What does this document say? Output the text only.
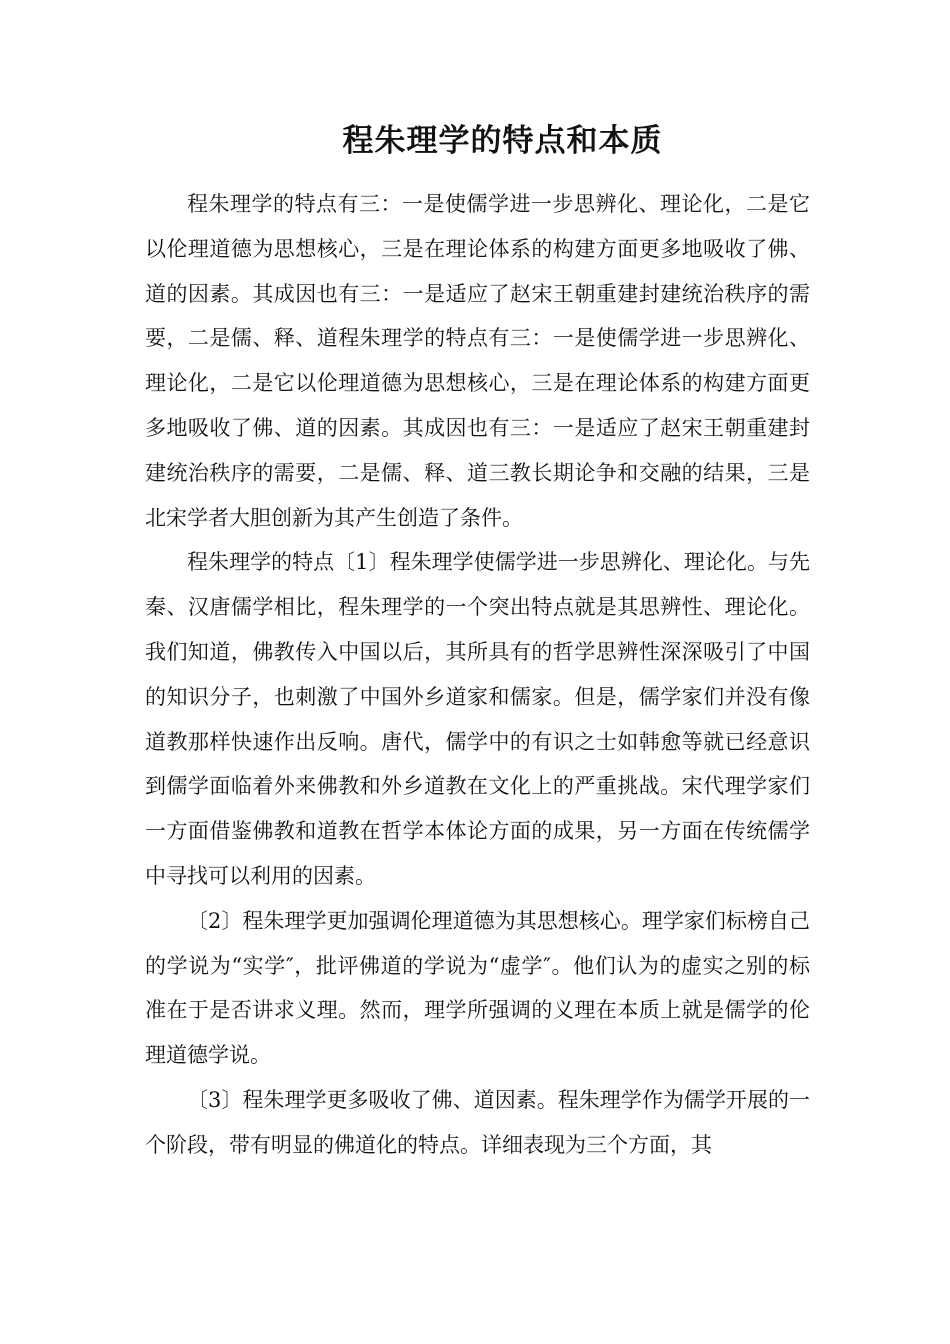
程朱理学的特点和本质

程朱理学的特点有三：一是使儒学进一步思辨化、理论化，二是它以伦理道德为思想核心，三是在理论体系的构建方面更多地吸收了佛、道的因素。其成因也有三：一是适应了赵宋王朝重建封建统治秩序的需要，二是儒、释、道程朱理学的特点有三：一是使儒学进一步思辨化、理论化，二是它以伦理道德为思想核心，三是在理论体系的构建方面更多地吸收了佛、道的因素。其成因也有三：一是适应了赵宋王朝重建封建统治秩序的需要，二是儒、释、道三教长期论争和交融的结果，三是北宋学者大胆创新为其产生创造了条件。

程朱理学的特点〔1〕程朱理学使儒学进一步思辨化、理论化。与先秦、汉唐儒学相比，程朱理学的一个突出特点就是其思辨性、理论化。我们知道，佛教传入中国以后，其所具有的哲学思辨性深深吸引了中国的知识分子，也刺激了中国外乡道家和儒家。但是，儒学家们并没有像道教那样快速作出反响。唐代，儒学中的有识之士如韩愈等就已经意识到儒学面临着外来佛教和外乡道教在文化上的严重挑战。宋代理学家们一方面借鉴佛教和道教在哲学本体论方面的成果，另一方面在传统儒学中寻找可以利用的因素。

〔2〕程朱理学更加强调伦理道德为其思想核心。理学家们标榜自己的学说为“实学″，批评佛道的学说为“虚学″。他们认为的虚实之别的标准在于是否讲求义理。然而，理学所强调的义理在本质上就是儒学的伦理道德学说。

〔3〕程朱理学更多吸收了佛、道因素。程朱理学作为儒学开展的一个阶段，带有明显的佛道化的特点。详细表现为三个方面，其
